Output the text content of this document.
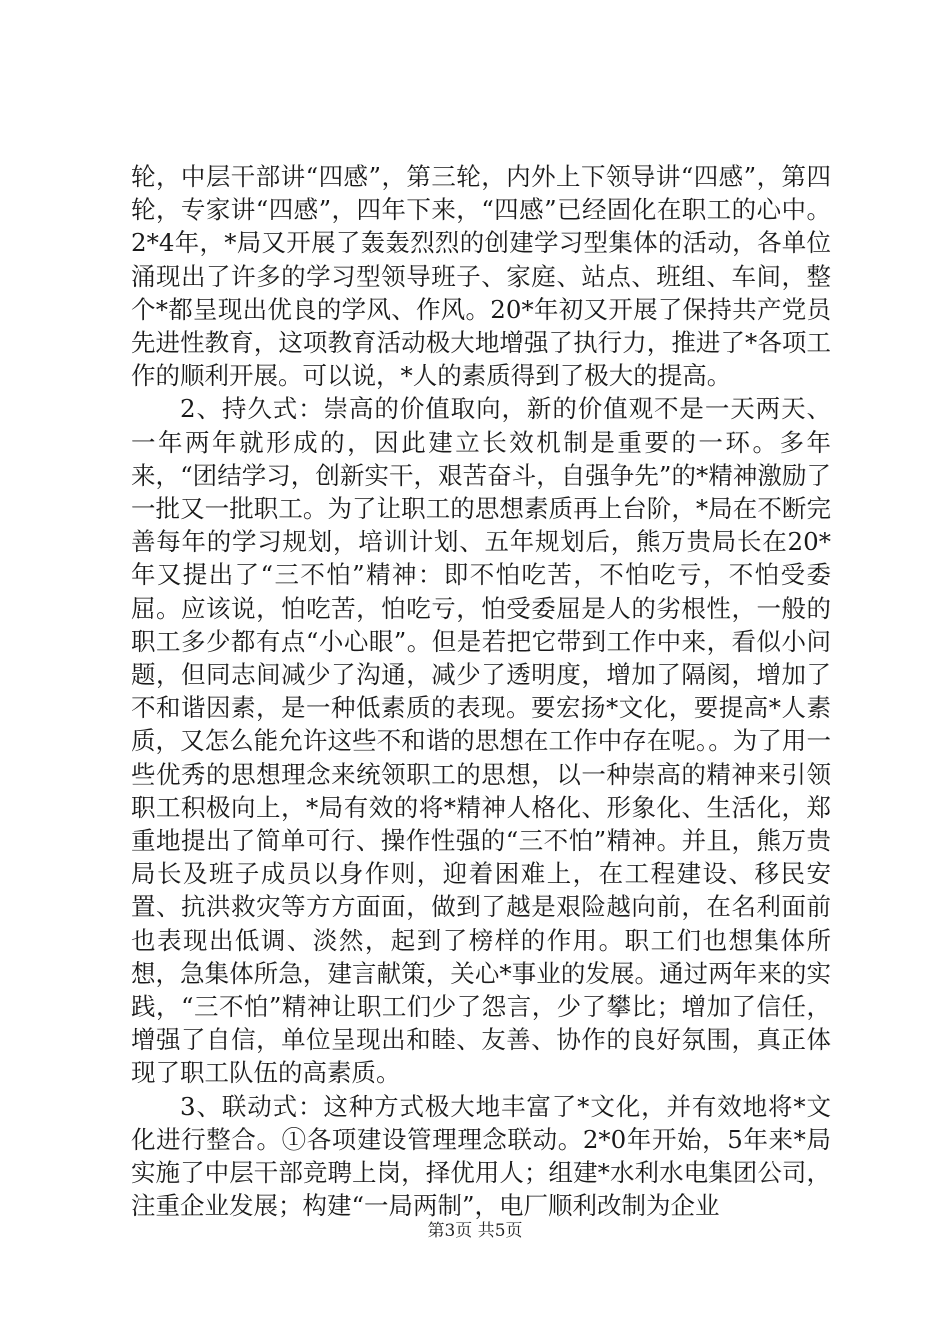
轮，中层干部讲“四感”，第三轮，内外上下领导讲“四感”，第四轮，专家讲“四感”，四年下来，“四感”已经固化在职工的心中。2*4年，*局又开展了轰轰烈烈的创建学习型集体的活动，各单位涌现出了许多的学习型领导班子、家庭、站点、班组、车间，整个*都呈现出优良的学风、作风。20*年初又开展了保持共产党员先进性教育，这项教育活动极大地增强了执行力，推进了*各项工作的顺利开展。可以说，*人的素质得到了极大的提高。

2、持久式：崇高的价值取向，新的价值观不是一天两天、一年两年就形成的，因此建立长效机制是重要的一环。多年来，“团结学习，创新实干，艰苦奋斗，自强争先”的*精神激励了一批又一批职工。为了让职工的思想素质再上台阶，*局在不断完善每年的学习规划，培训计划、五年规划后，熊万贵局长在20*年又提出了“三不怕”精神：即不怕吃苦，不怕吃亏，不怕受委屈。应该说，怕吃苦，怕吃亏，怕受委屈是人的劣根性，一般的职工多少都有点“小心眼”。但是若把它带到工作中来，看似小问题，但同志间减少了沟通，减少了透明度，增加了隔阂，增加了不和谐因素，是一种低素质的表现。要宏扬*文化，要提高*人素质，又怎么能允许这些不和谐的思想在工作中存在呢。。为了用一些优秀的思想理念来统领职工的思想，以一种崇高的精神来引领职工积极向上，*局有效的将*精神人格化、形象化、生活化，郑重地提出了简单可行、操作性强的“三不怕”精神。并且，熊万贵局长及班子成员以身作则，迎着困难上，在工程建设、移民安置、抗洪救灾等方方面面，做到了越是艰险越向前，在名利面前也表现出低调、淡然，起到了榜样的作用。职工们也想集体所想，急集体所急，建言献策，关心*事业的发展。通过两年来的实践，“三不怕”精神让职工们少了怨言，少了攀比；增加了信任，增强了自信，单位呈现出和睦、友善、协作的良好氛围，真正体现了职工队伍的高素质。

3、联动式：这种方式极大地丰富了*文化，并有效地将*文化进行整合。①各项建设管理理念联动。2*0年开始，5年来*局实施了中层干部竞聘上岗，择优用人；组建*水利水电集团公司，注重企业发展；构建“一局两制”，电厂顺利改制为企业

第3页 共5页
